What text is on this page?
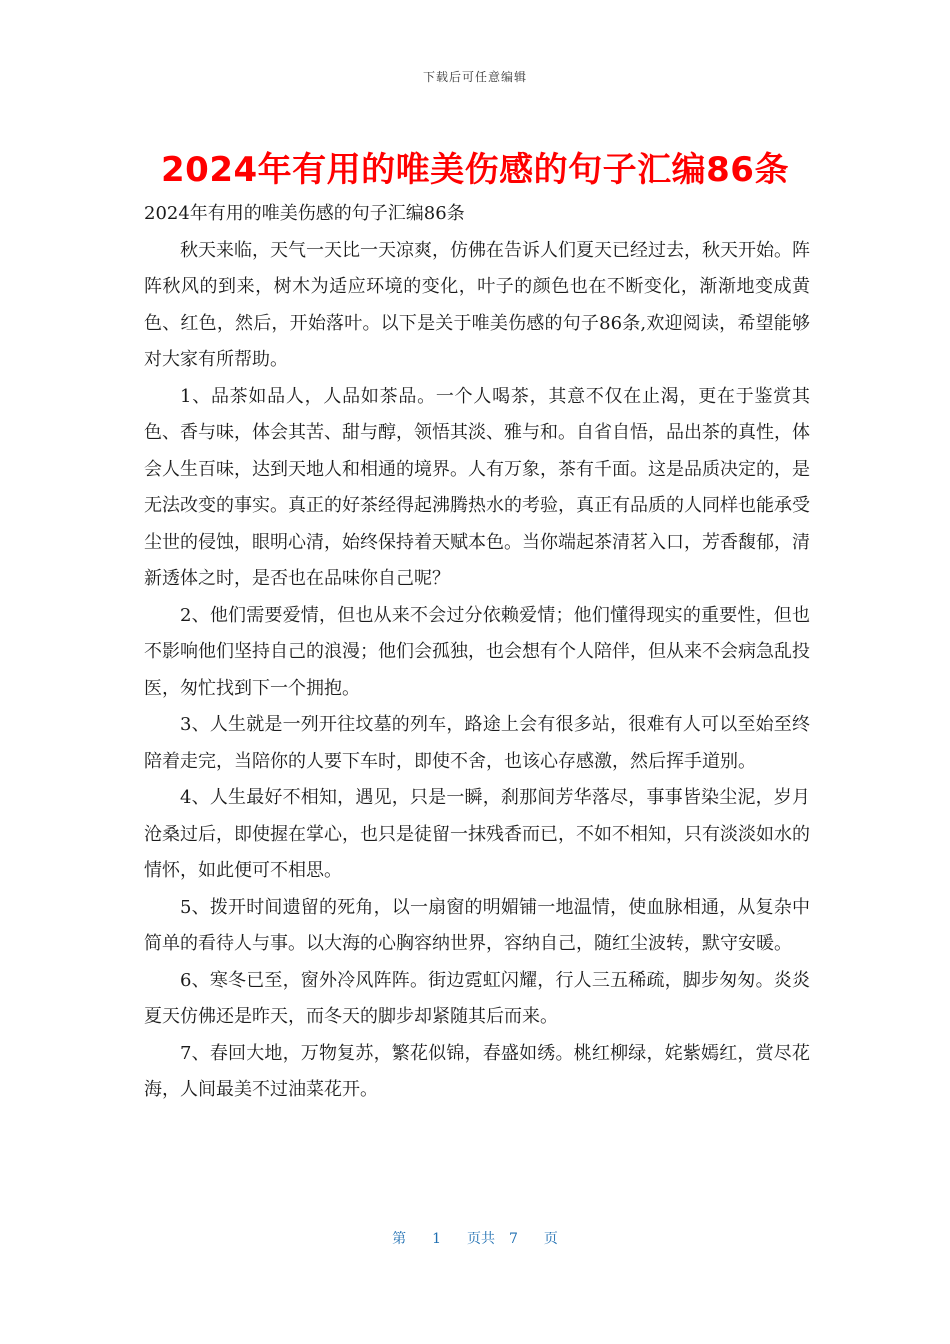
下载后可任意编辑
2024年有用的唯美伤感的句子汇编86条

2024年有用的唯美伤感的句子汇编86条

秋天来临，天气一天比一天凉爽，仿佛在告诉人们夏天已经过去，秋天开始。阵阵秋风的到来，树木为适应环境的变化，叶子的颜色也在不断变化，渐渐地变成黄色、红色，然后，开始落叶。以下是关于唯美伤感的句子86条,欢迎阅读，希望能够对大家有所帮助。

1、品茶如品人，人品如茶品。一个人喝茶，其意不仅在止渴，更在于鉴赏其色、香与味，体会其苦、甜与醇，领悟其淡、雅与和。自省自悟，品出茶的真性，体会人生百味，达到天地人和相通的境界。人有万象，茶有千面。这是品质决定的，是无法改变的事实。真正的好茶经得起沸腾热水的考验，真正有品质的人同样也能承受尘世的侵蚀，眼明心清，始终保持着天赋本色。当你端起茶清茗入口，芳香馥郁，清新透体之时，是否也在品味你自己呢？

2、他们需要爱情，但也从来不会过分依赖爱情；他们懂得现实的重要性，但也不影响他们坚持自己的浪漫；他们会孤独，也会想有个人陪伴，但从来不会病急乱投医，匆忙找到下一个拥抱。

3、人生就是一列开往坟墓的列车，路途上会有很多站，很难有人可以至始至终陪着走完，当陪你的人要下车时，即使不舍，也该心存感激，然后挥手道别。

4、人生最好不相知，遇见，只是一瞬，刹那间芳华落尽，事事皆染尘泥，岁月沧桑过后，即使握在掌心，也只是徒留一抹残香而已，不如不相知，只有淡淡如水的情怀，如此便可不相思。

5、拨开时间遗留的死角，以一扇窗的明媚铺一地温情，使血脉相通，从复杂中简单的看待人与事。以大海的心胸容纳世界，容纳自己，随红尘波转，默守安暖。

6、寒冬已至，窗外冷风阵阵。街边霓虹闪耀，行人三五稀疏，脚步匆匆。炎炎夏天仿佛还是昨天，而冬天的脚步却紧随其后而来。

7、春回大地，万物复苏，繁花似锦，春盛如绣。桃红柳绿，姹紫嫣红，赏尽花海，人间最美不过油菜花开。

第 1 页共 7 页
